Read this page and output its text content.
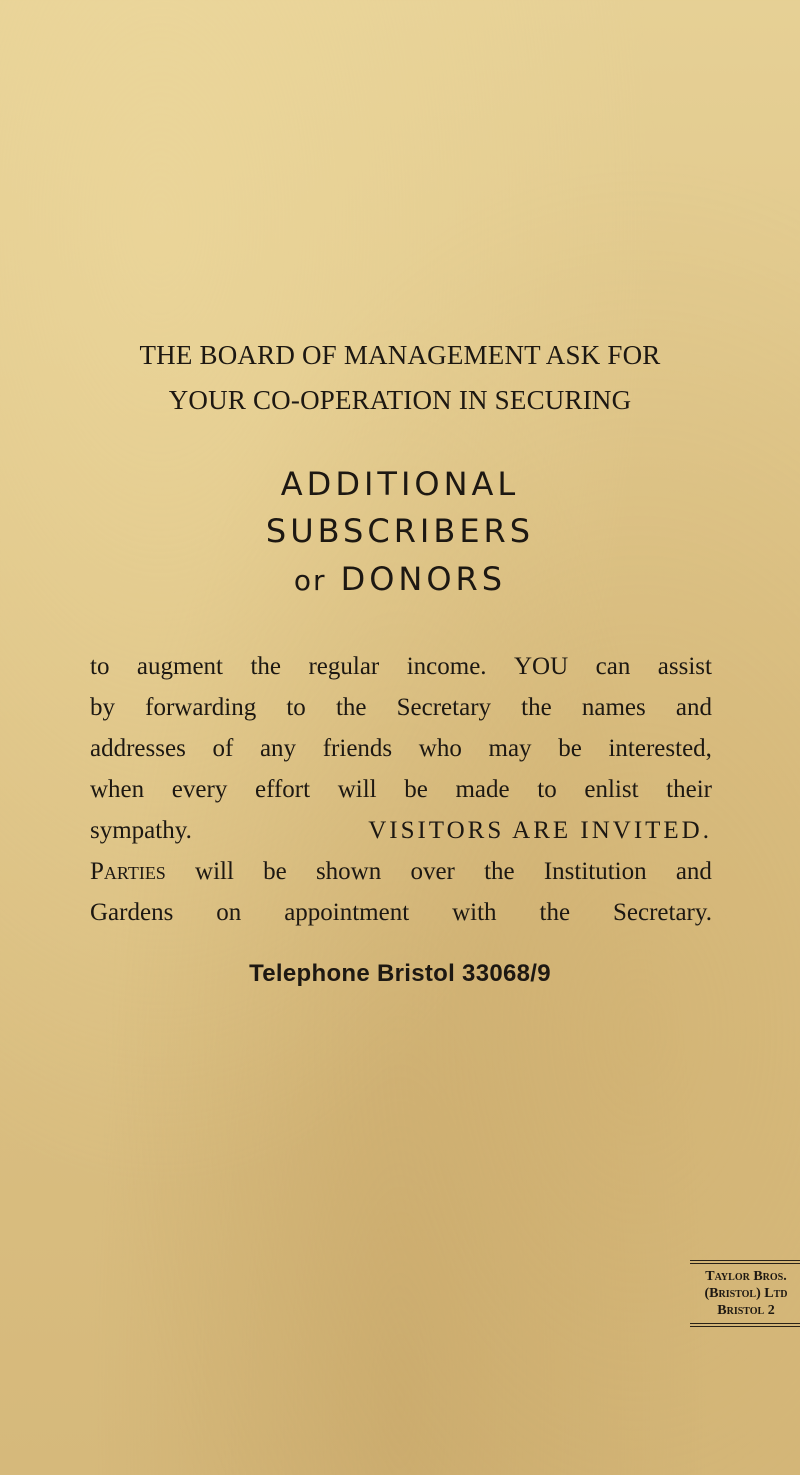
THE BOARD OF MANAGEMENT ASK FOR

YOUR CO-OPERATION IN SECURING

ADDITIONAL

SUBSCRIBERS

or DONORS

to augment the regular income. YOU can assist
by forwarding to the Secretary the names and
addresses of any friends who may be interested,
when every effort will be made to enlist their
sympathy.	VISITORS ARE INVITED.
Parties will be shown over the Institution and
Gardens on appointment with the Secretary.
Telephone Bristol 33068/9
Taylor Bros.
(Bristol) Ltd
Bristol 2
